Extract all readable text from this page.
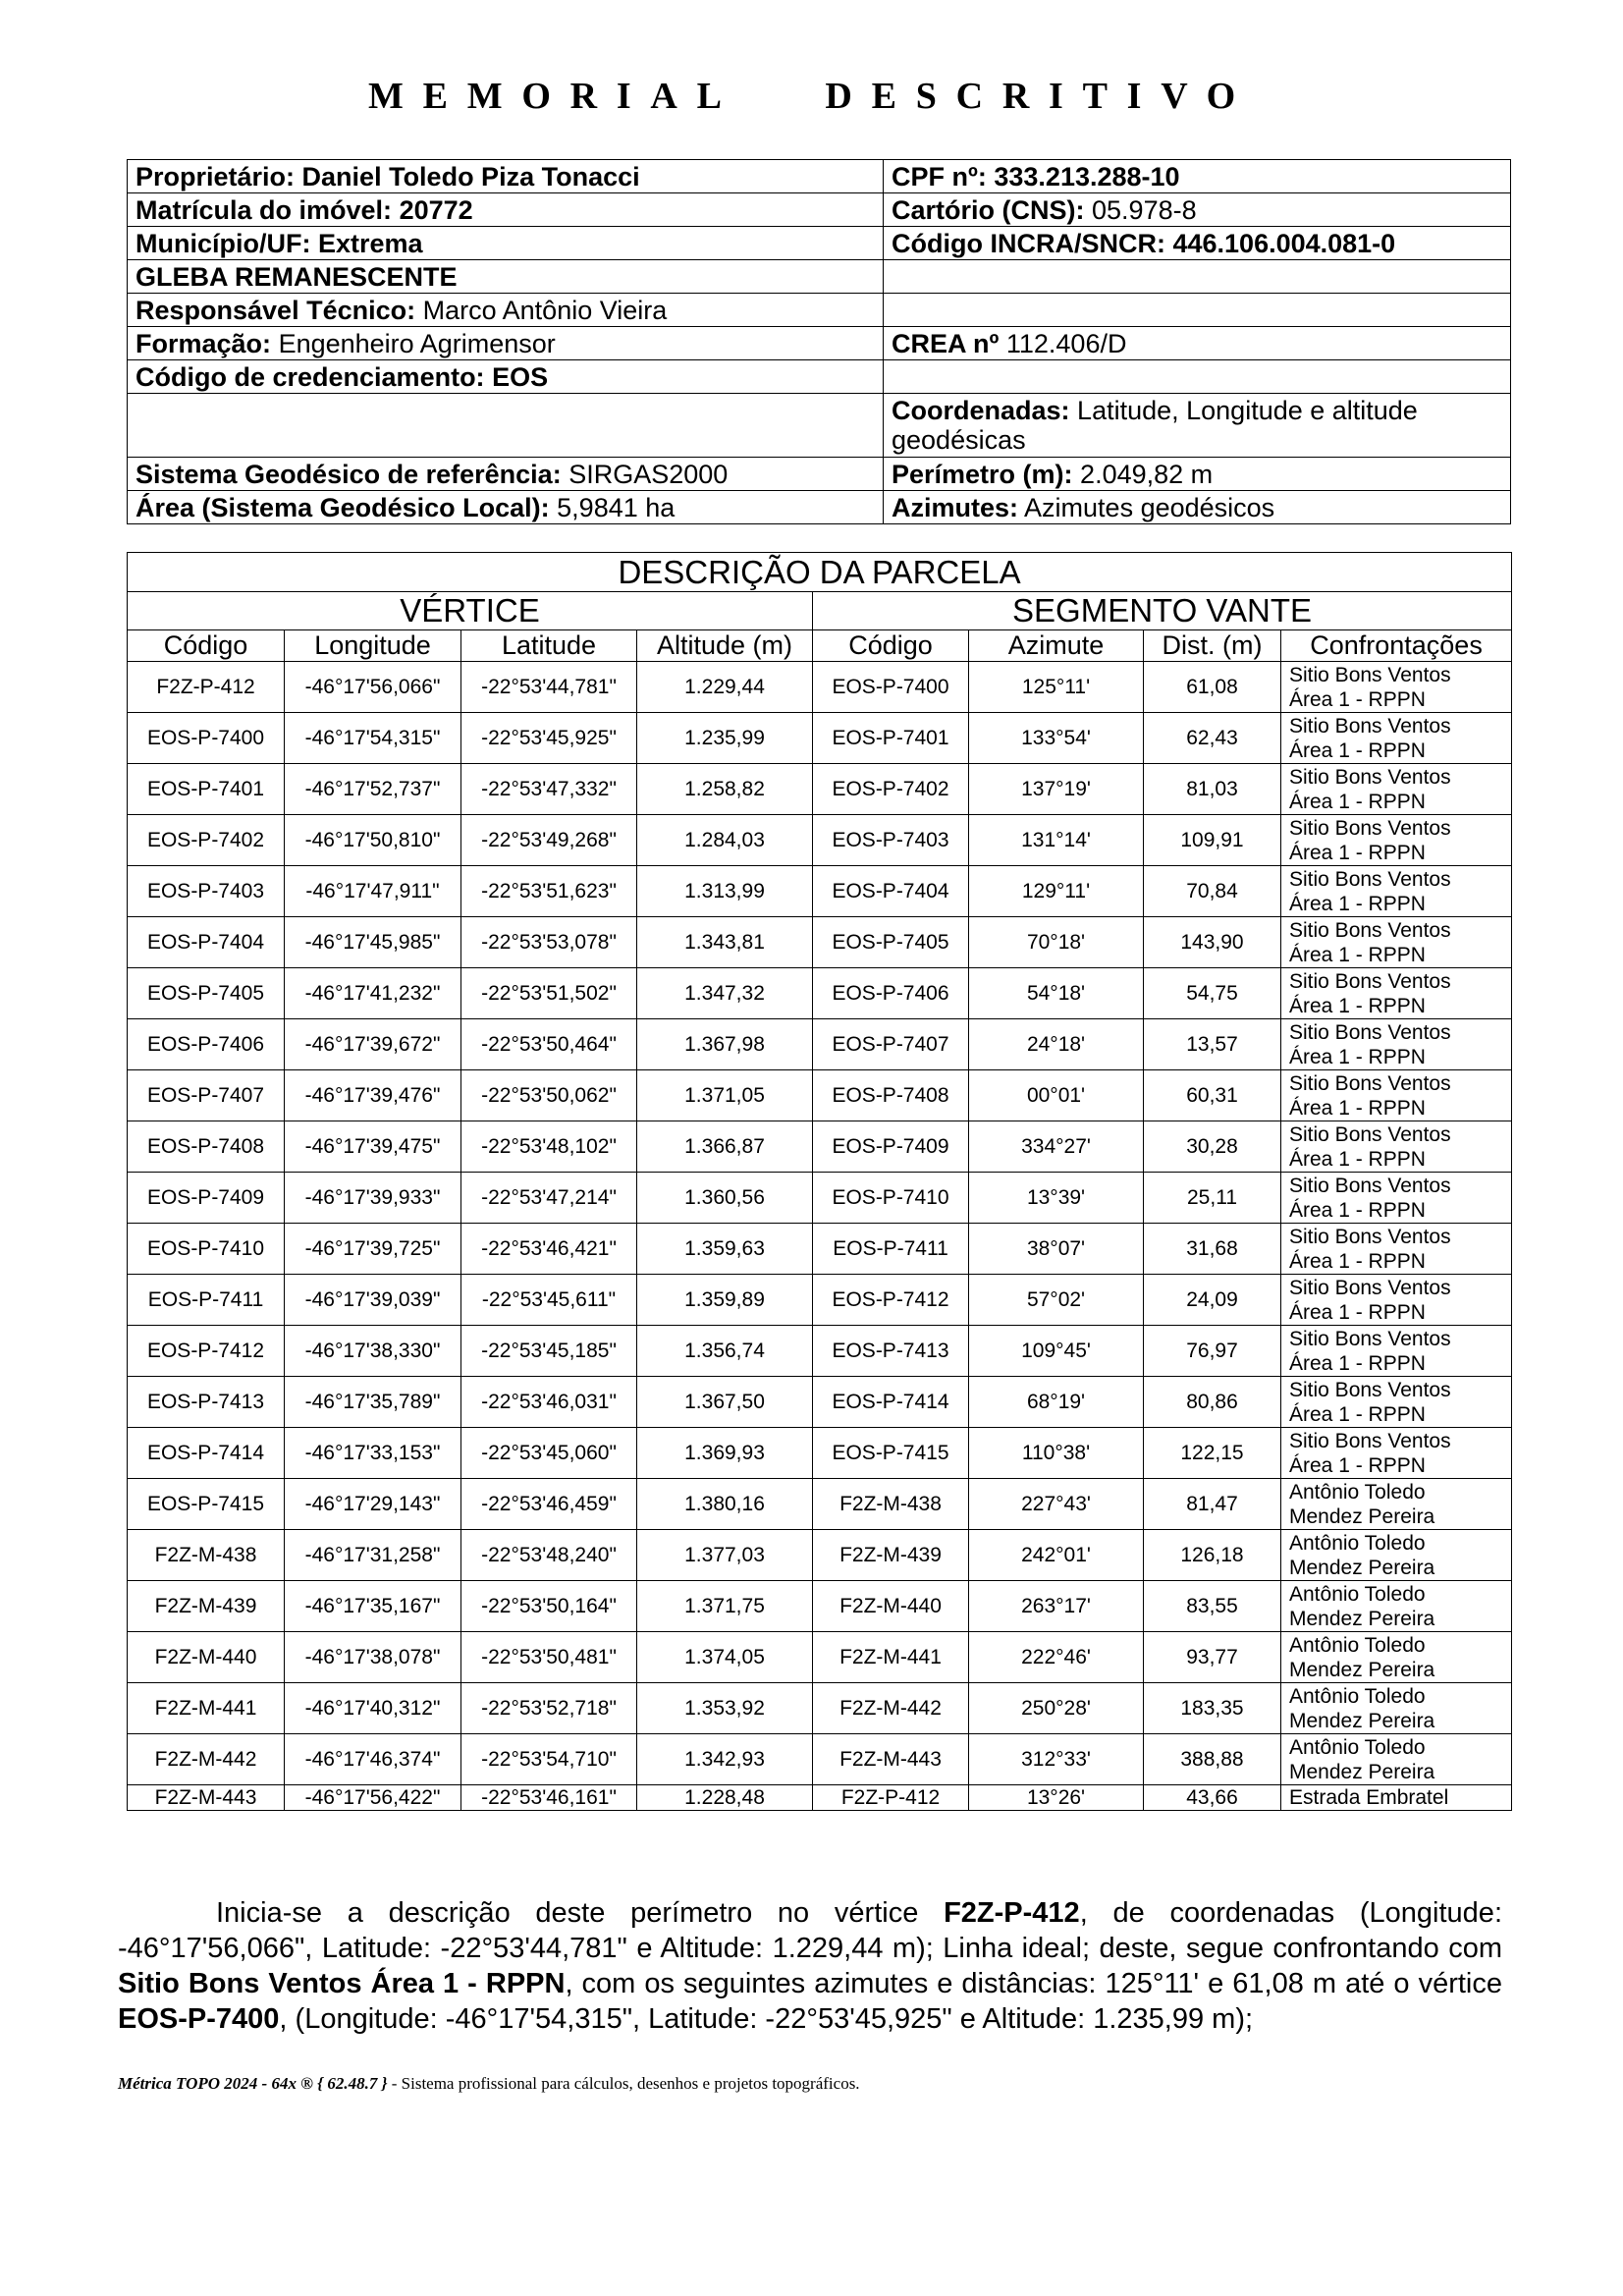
MEMORIAL   DESCRITIVO
Proprietário: Daniel Toledo Piza Tonacci	CPF nº: 333.213.288-10
Matrícula do imóvel: 20772	Cartório (CNS): 05.978-8
Município/UF: Extrema	Código INCRA/SNCR: 446.106.004.081-0
GLEBA REMANESCENTE	
Responsável Técnico: Marco Antônio Vieira	
Formação: Engenheiro Agrimensor	CREA nº 112.406/D
Código de credenciamento: EOS	
	Coordenadas: Latitude, Longitude e altitude geodésicas
Sistema Geodésico de referência: SIRGAS2000	Perímetro (m): 2.049,82 m
Área (Sistema Geodésico Local): 5,9841 ha	Azimutes: Azimutes geodésicos
DESCRIÇÃO DA PARCELA							
VÉRTICE				SEGMENTO VANTE			
Código	Longitude	Latitude	Altitude (m)	Código	Azimute	Dist. (m)	Confrontações
F2Z-P-412	-46°17'56,066"	-22°53'44,781"	1.229,44	EOS-P-7400	125°11'	61,08	Sitio Bons Ventos
Área 1 - RPPN

EOS-P-7400	-46°17'54,315"	-22°53'45,925"	1.235,99	EOS-P-7401	133°54'	62,43	Sitio Bons Ventos
Área 1 - RPPN

EOS-P-7401	-46°17'52,737"	-22°53'47,332"	1.258,82	EOS-P-7402	137°19'	81,03	Sitio Bons Ventos
Área 1 - RPPN

EOS-P-7402	-46°17'50,810"	-22°53'49,268"	1.284,03	EOS-P-7403	131°14'	109,91	Sitio Bons Ventos
Área 1 - RPPN

EOS-P-7403	-46°17'47,911"	-22°53'51,623"	1.313,99	EOS-P-7404	129°11'	70,84	Sitio Bons Ventos
Área 1 - RPPN

EOS-P-7404	-46°17'45,985"	-22°53'53,078"	1.343,81	EOS-P-7405	70°18'	143,90	Sitio Bons Ventos
Área 1 - RPPN

EOS-P-7405	-46°17'41,232"	-22°53'51,502"	1.347,32	EOS-P-7406	54°18'	54,75	Sitio Bons Ventos
Área 1 - RPPN

EOS-P-7406	-46°17'39,672"	-22°53'50,464"	1.367,98	EOS-P-7407	24°18'	13,57	Sitio Bons Ventos
Área 1 - RPPN

EOS-P-7407	-46°17'39,476"	-22°53'50,062"	1.371,05	EOS-P-7408	00°01'	60,31	Sitio Bons Ventos
Área 1 - RPPN

EOS-P-7408	-46°17'39,475"	-22°53'48,102"	1.366,87	EOS-P-7409	334°27'	30,28	Sitio Bons Ventos
Área 1 - RPPN

EOS-P-7409	-46°17'39,933"	-22°53'47,214"	1.360,56	EOS-P-7410	13°39'	25,11	Sitio Bons Ventos
Área 1 - RPPN

EOS-P-7410	-46°17'39,725"	-22°53'46,421"	1.359,63	EOS-P-7411	38°07'	31,68	Sitio Bons Ventos
Área 1 - RPPN

EOS-P-7411	-46°17'39,039"	-22°53'45,611"	1.359,89	EOS-P-7412	57°02'	24,09	Sitio Bons Ventos
Área 1 - RPPN

EOS-P-7412	-46°17'38,330"	-22°53'45,185"	1.356,74	EOS-P-7413	109°45'	76,97	Sitio Bons Ventos
Área 1 - RPPN

EOS-P-7413	-46°17'35,789"	-22°53'46,031"	1.367,50	EOS-P-7414	68°19'	80,86	Sitio Bons Ventos
Área 1 - RPPN

EOS-P-7414	-46°17'33,153"	-22°53'45,060"	1.369,93	EOS-P-7415	110°38'	122,15	Sitio Bons Ventos
Área 1 - RPPN

EOS-P-7415	-46°17'29,143"	-22°53'46,459"	1.380,16	F2Z-M-438	227°43'	81,47	Antônio Toledo
Mendez Pereira

F2Z-M-438	-46°17'31,258"	-22°53'48,240"	1.377,03	F2Z-M-439	242°01'	126,18	Antônio Toledo
Mendez Pereira

F2Z-M-439	-46°17'35,167"	-22°53'50,164"	1.371,75	F2Z-M-440	263°17'	83,55	Antônio Toledo
Mendez Pereira

F2Z-M-440	-46°17'38,078"	-22°53'50,481"	1.374,05	F2Z-M-441	222°46'	93,77	Antônio Toledo
Mendez Pereira

F2Z-M-441	-46°17'40,312"	-22°53'52,718"	1.353,92	F2Z-M-442	250°28'	183,35	Antônio Toledo
Mendez Pereira

F2Z-M-442	-46°17'46,374"	-22°53'54,710"	1.342,93	F2Z-M-443	312°33'	388,88	Antônio Toledo
Mendez Pereira

F2Z-M-443	-46°17'56,422"	-22°53'46,161"	1.228,48	F2Z-P-412	13°26'	43,66	Estrada Embratel
Inicia-se a descrição deste perímetro no vértice F2Z-P-412, de coordenadas (Longitude: -46°17'56,066", Latitude: -22°53'44,781" e Altitude: 1.229,44 m); Linha ideal; deste, segue confrontando com Sitio Bons Ventos Área 1 - RPPN, com os seguintes azimutes e distâncias: 125°11' e 61,08 m até o vértice EOS-P-7400, (Longitude: -46°17'54,315", Latitude: -22°53'45,925" e Altitude: 1.235,99 m);
Métrica TOPO 2024 - 64x ® { 62.48.7 } - Sistema profissional para cálculos, desenhos e projetos topográficos.
